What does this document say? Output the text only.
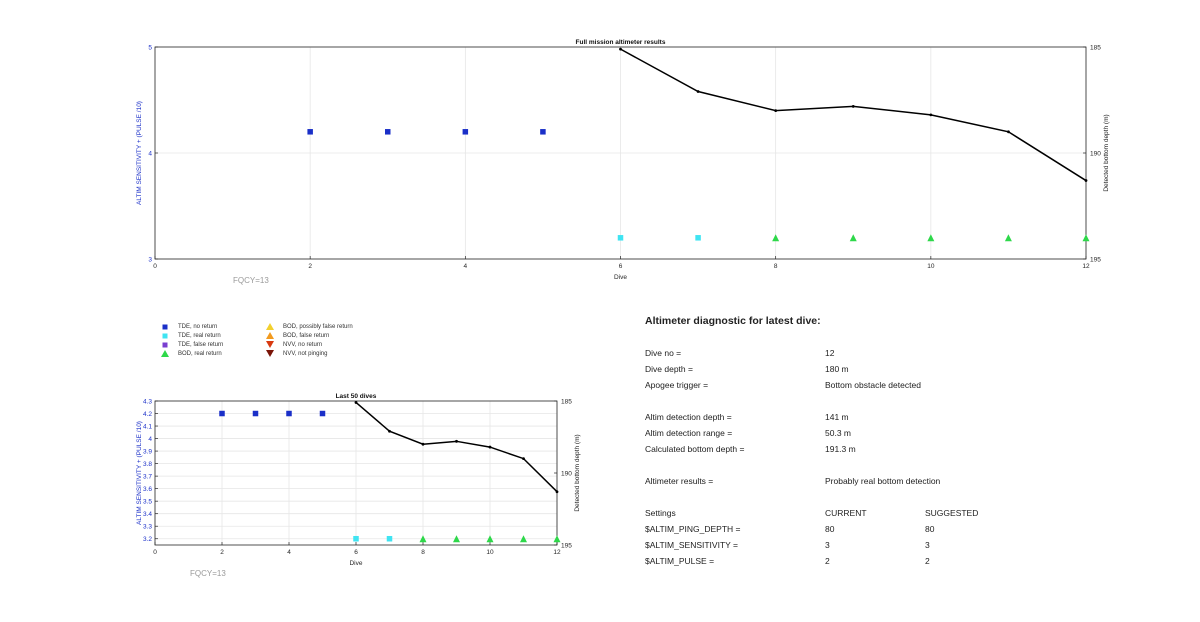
0	2	4	6	8	10	12
3
4
5	185
190
195
Full mission altimeter results
Dive
ALTIM SENSITIVITY + (PULSE /10)	Detected bottom depth (m)
FQCY=13
0	2	4	6	8	10	12
3.2
3.3
3.4
3.5
3.6
3.7
3.8
3.9
4
4.1
4.2
4.3	185
190
195
Last 50 dives
Dive
ALTIM SENSITIVITY + (PULSE /10)	Detected bottom depth (m)
FQCY=13
TDE, no return
TDE, real return
TDE, false return
BOD, real return
BOD, possibly false return
BOD, false return
NVV, no return
NVV, not pinging
Altimeter diagnostic for latest dive:
Dive no =	12
Dive depth =	180 m
Apogee trigger =	Bottom obstacle detected
Altim detection depth =	141 m
Altim detection range =	50.3 m
Calculated bottom depth =	191.3 m
Altimeter results =	Probably real bottom detection
Settings	CURRENT	SUGGESTED
$ALTIM_PING_DEPTH =	80	80
$ALTIM_SENSITIVITY =	3	3
$ALTIM_PULSE =	2	2
